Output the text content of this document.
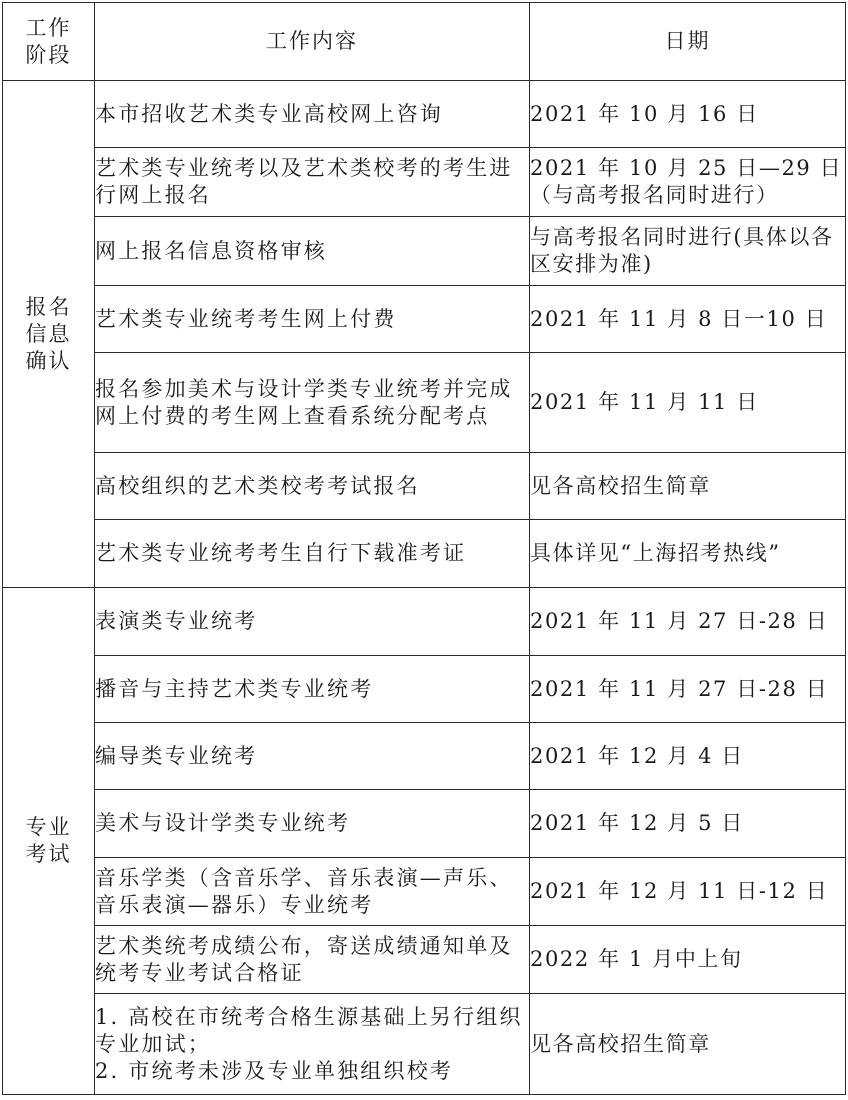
工作
阶段	工作内容	日期

报名
信息
确认	本市招收艺术类专业高校网上咨询	2021 年 10 月 16 日

	艺术类专业统考以及艺术类校考的考生进行网上报名	2021 年 10 月 25 日—29 日（与高考报名同时进行）

	网上报名信息资格审核	与高考报名同时进行(具体以各区安排为准)

	艺术类专业统考考生网上付费	2021 年 11 月 8 日一10 日

	报名参加美术与设计学类专业统考并完成网上付费的考生网上查看系统分配考点	2021 年 11 月 11 日

	高校组织的艺术类校考考试报名	见各高校招生简章

	艺术类专业统考考生自行下载准考证	具体详见“上海招考热线”

专业
考试	表演类专业统考	2021 年 11 月 27 日-28 日

	播音与主持艺术类专业统考	2021 年 11 月 27 日-28 日

	编导类专业统考	2021 年 12 月 4 日

	美术与设计学类专业统考	2021 年 12 月 5 日

	音乐学类（含音乐学、音乐表演—声乐、音乐表演—器乐）专业统考	2021 年 12 月 11 日-12 日

	艺术类统考成绩公布，寄送成绩通知单及统考专业考试合格证	2022 年 1 月中上旬

	1. 高校在市统考合格生源基础上另行组织专业加试；
2. 市统考未涉及专业单独组织校考	见各高校招生简章
